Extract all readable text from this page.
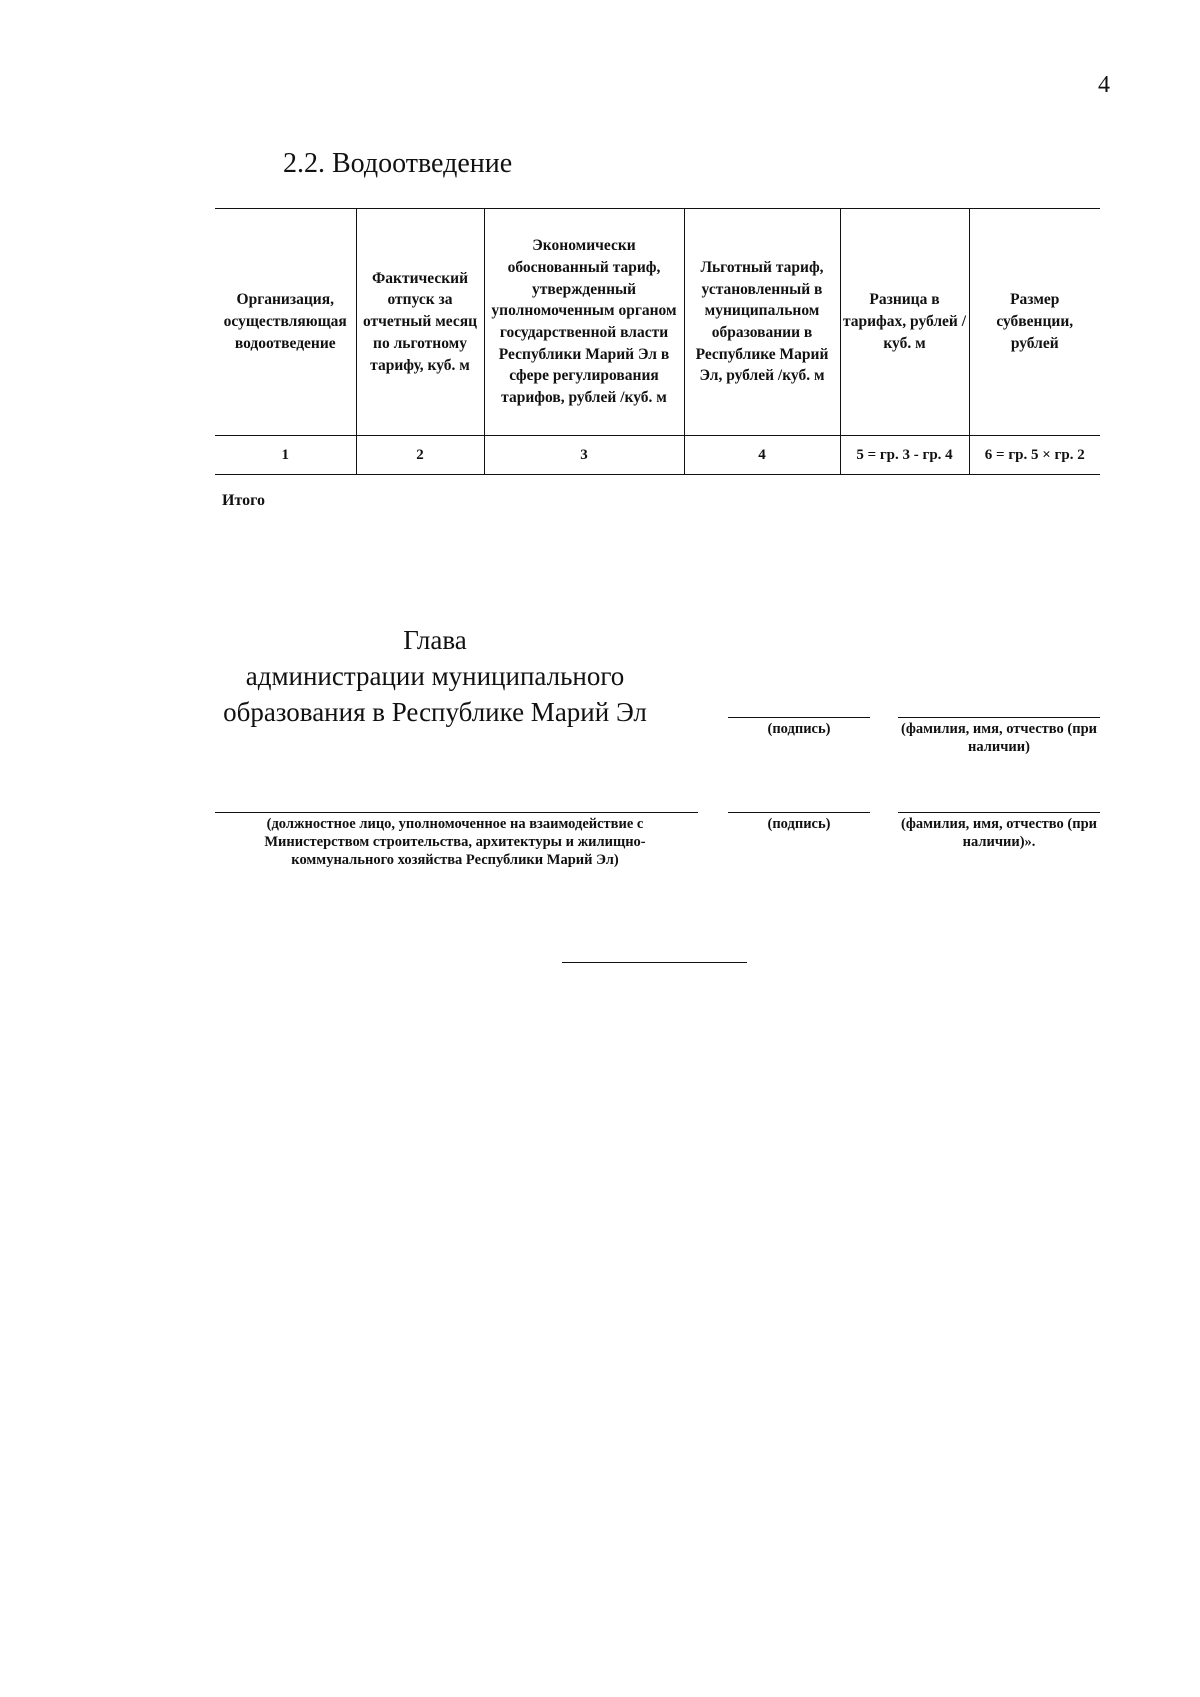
4
2.2. Водоотведение
Организация, осуществляющая водоотведение	Фактический отпуск за отчетный месяц по льготному тарифу, куб. м	Экономически обоснованный тариф, утвержденный уполномоченным органом государственной власти Республики Марий Эл в сфере регулирования тарифов, рублей /куб. м	Льготный тариф, установленный в муниципальном образовании в Республике Марий Эл, рублей /куб. м	Разница в тарифах, рублей /куб. м	Размер субвенции, рублей
1	2	3	4	5 = гр. 3 - гр. 4	6 = гр. 5 × гр. 2
Итого
Глава
администрации муниципального
образования в Республике Марий Эл
(подпись)	(фамилия, имя, отчество (при наличии)
(должностное лицо, уполномоченное на взаимодействие с Министерством строительства, архитектуры и жилищно-коммунального хозяйства Республики Марий Эл)
(подпись)	(фамилия, имя, отчество (при наличии)».
